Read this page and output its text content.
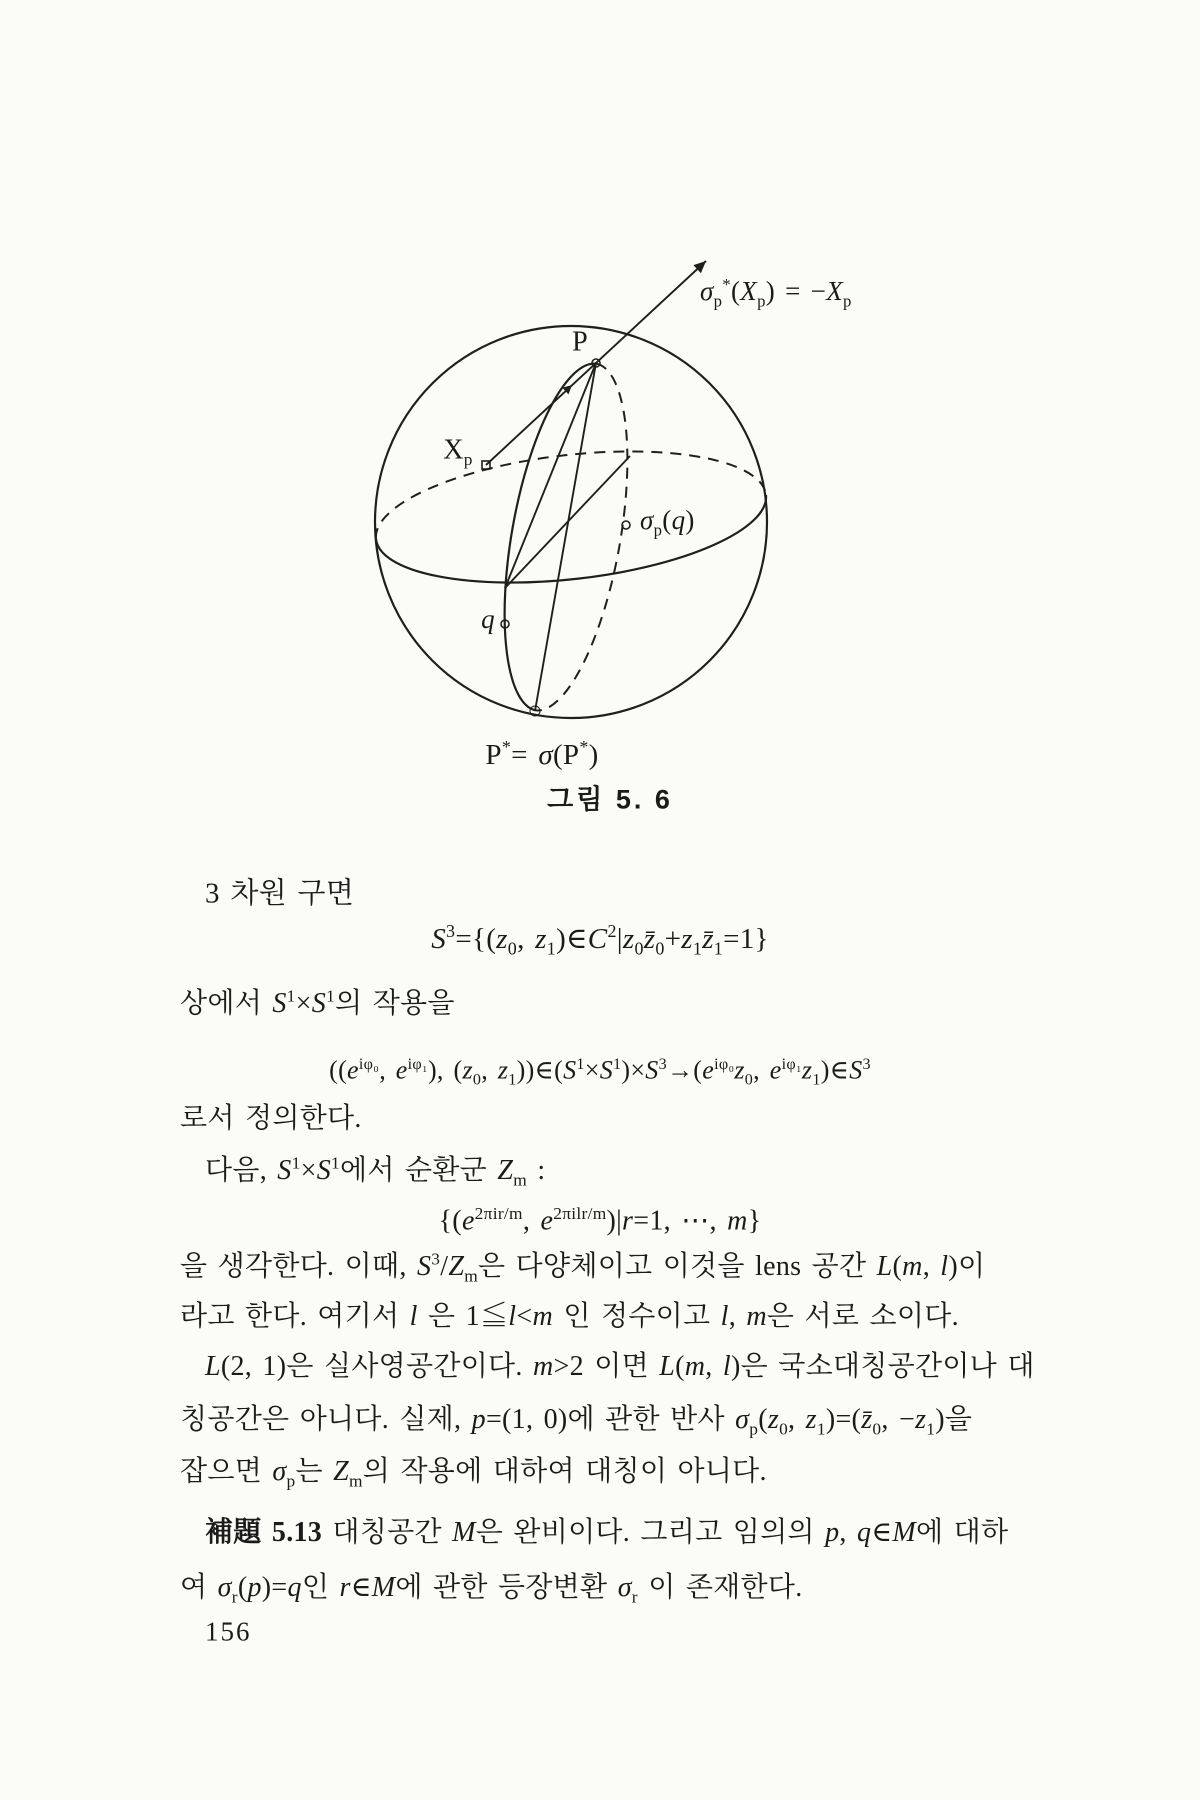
$\sigma_p^*(X_p) = -X_p$
P
$X_p$
$\sigma_p(q)$
q
P*= σ(P*)
그림 5. 6
3 차원 구면
$S^3=\{(z_0$, $z_1)\in C^2|z_0z̄_0+z_1z̄_1=1$}
상에서 $S^1\times S^1$의 작용을
(($e^{i\varphi_0}$, $e^{i\varphi_1}$), ($z_0$, $z_1))\in(S^1\times S^1)\times S^3\to(e^{i\varphi_0}z_0$, $e^{i\varphi_1}z_1)\in S^3$
로서 정의한다.
다음, $S^1\times S^1$에서 순환군 $Z_m$ :
{($e^{2\pi ir/m}$, $e^{2\pi ilr/m})|r=1$, ⋯, m}
을 생각한다. 이때, $S^3/Z_m$은 다양체이고 이것을 lens 공간 L(m, l)이
라고 한다. 여기서 l 은 1≦l<m 인 정수이고 l, m은 서로 소이다.
L(2, 1)은 실사영공간이다. m>2 이면 L(m, l)은 국소대칭공간이나 대
칭공간은 아니다. 실제, p=(1, 0)에 관한 반사 $\sigma_p(z_0$, $z_1)=(z̄_0$, $-z_1$)을
잡으면 $\sigma_p$는 $Z_m$의 작용에 대하여 대칭이 아니다.
補題 5.13 대칭공간 M은 완비이다. 그리고 임의의 p, q∈M에 대하
여 $\sigma_r(p)=q$인 r∈M에 관한 등장변환 $\sigma_r$ 이 존재한다.
156
